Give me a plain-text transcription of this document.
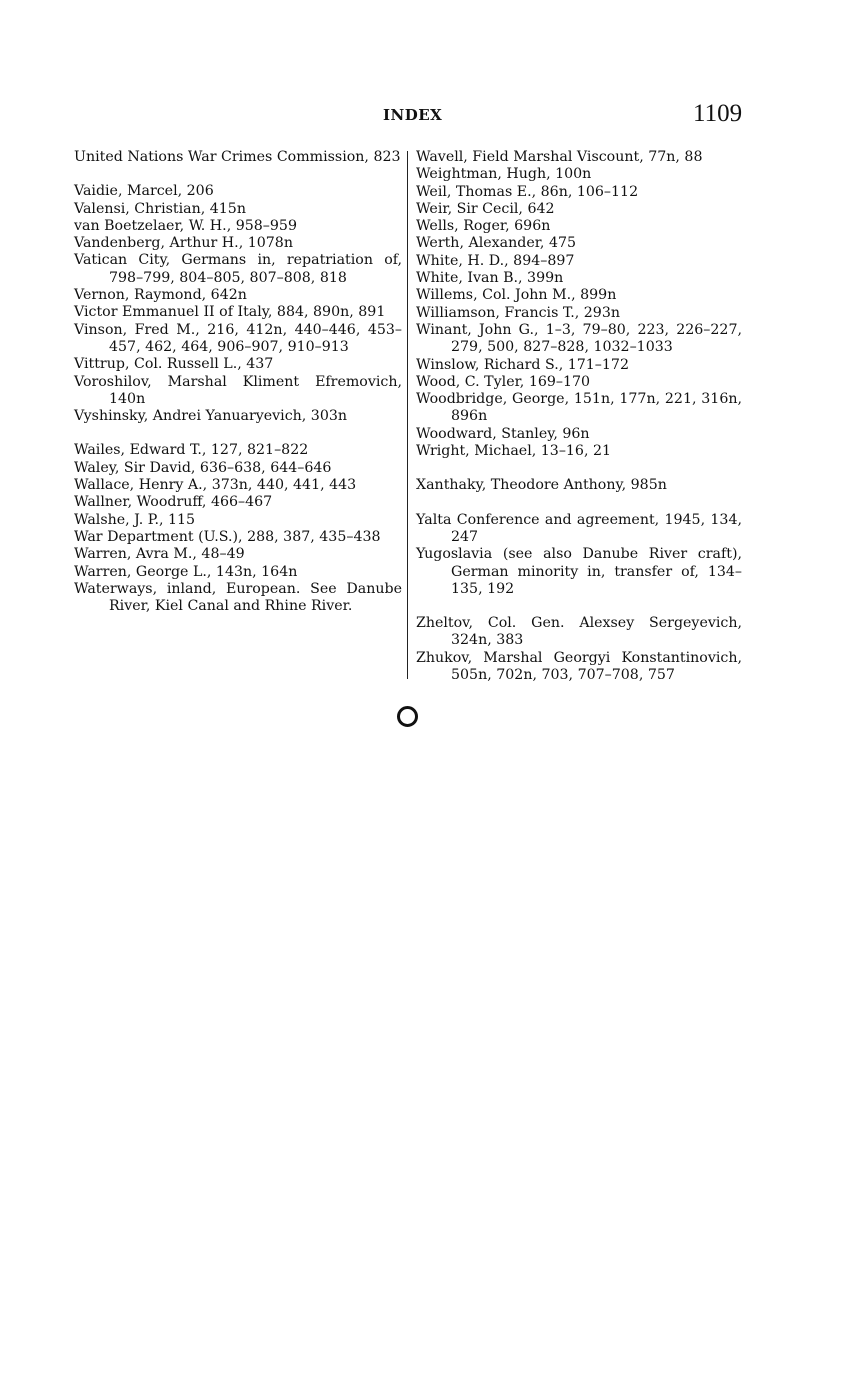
INDEX	1109
United Nations War Crimes Commission, 823
Vaidie, Marcel, 206
Valensi, Christian, 415n
van Boetzelaer, W. H., 958–959
Vandenberg, Arthur H., 1078n
Vatican City, Germans in, repatriation of, 798–799, 804–805, 807–808, 818
Vernon, Raymond, 642n
Victor Emmanuel II of Italy, 884, 890n, 891
Vinson, Fred M., 216, 412n, 440–446, 453–457, 462, 464, 906–907, 910–913
Vittrup, Col. Russell L., 437
Voroshilov, Marshal Kliment Efremovich, 140n
Vyshinsky, Andrei Yanuaryevich, 303n
Wailes, Edward T., 127, 821–822
Waley, Sir David, 636–638, 644–646
Wallace, Henry A., 373n, 440, 441, 443
Wallner, Woodruff, 466–467
Walshe, J. P., 115
War Department (U.S.), 288, 387, 435–438
Warren, Avra M., 48–49
Warren, George L., 143n, 164n
Waterways, inland, European. See Danube River, Kiel Canal and Rhine River.
Wavell, Field Marshal Viscount, 77n, 88
Weightman, Hugh, 100n
Weil, Thomas E., 86n, 106–112
Weir, Sir Cecil, 642
Wells, Roger, 696n
Werth, Alexander, 475
White, H. D., 894–897
White, Ivan B., 399n
Willems, Col. John M., 899n
Williamson, Francis T., 293n
Winant, John G., 1–3, 79–80, 223, 226–227, 279, 500, 827–828, 1032–1033
Winslow, Richard S., 171–172
Wood, C. Tyler, 169–170
Woodbridge, George, 151n, 177n, 221, 316n, 896n
Woodward, Stanley, 96n
Wright, Michael, 13–16, 21
Xanthaky, Theodore Anthony, 985n
Yalta Conference and agreement, 1945, 134, 247
Yugoslavia (see also Danube River craft), German minority in, transfer of, 134–135, 192
Zheltov, Col. Gen. Alexsey Sergeyevich, 324n, 383
Zhukov, Marshal Georgyi Konstantinovich, 505n, 702n, 703, 707–708, 757
